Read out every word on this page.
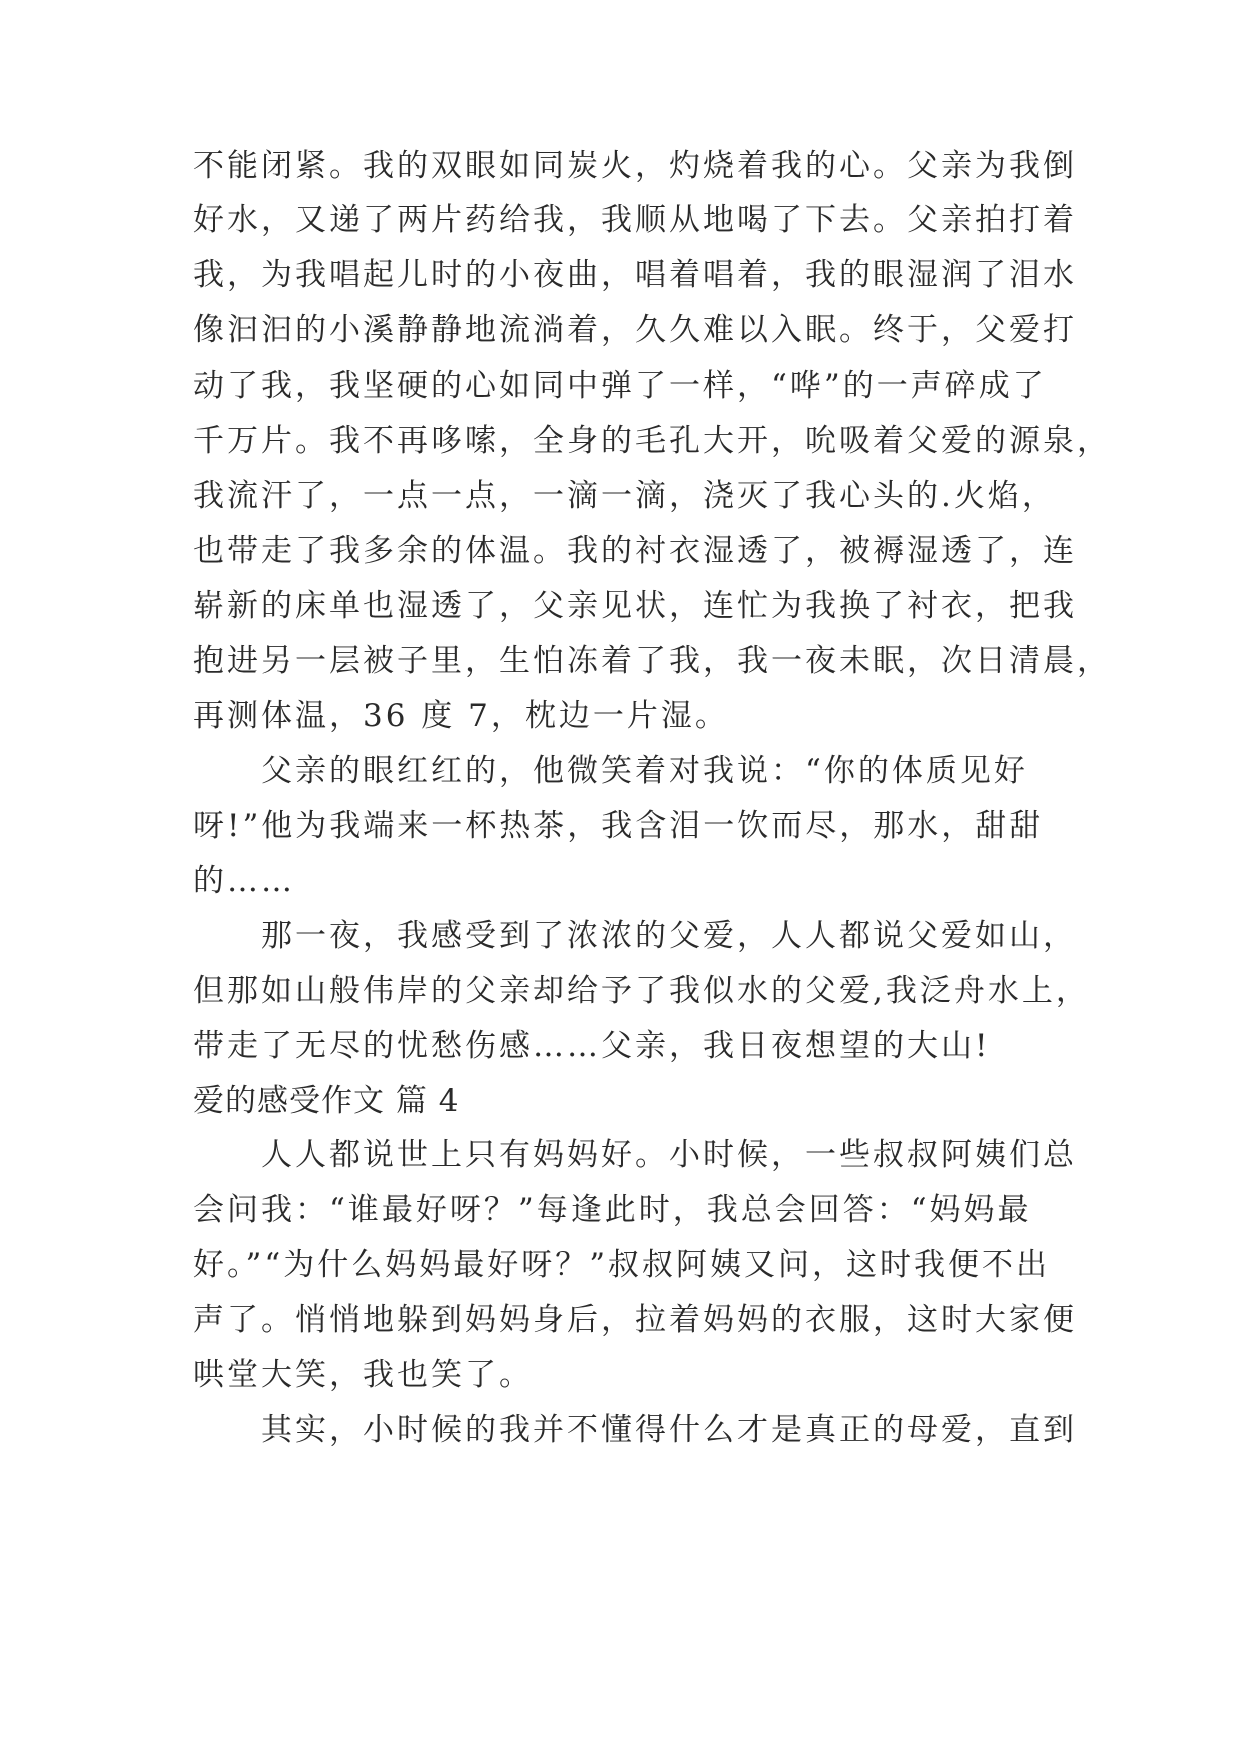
不能闭紧。我的双眼如同炭火，灼烧着我的心。父亲为我倒
好水，又递了两片药给我，我顺从地喝了下去。父亲拍打着
我，为我唱起儿时的小夜曲，唱着唱着，我的眼湿润了泪水
像汩汩的小溪静静地流淌着，久久难以入眠。终于，父爱打
动了我，我坚硬的心如同中弹了一样，“哗”的一声碎成了
千万片。我不再哆嗦，全身的毛孔大开，吮吸着父爱的源泉，
我流汗了，一点一点，一滴一滴，浇灭了我心头的.火焰，
也带走了我多余的体温。我的衬衣湿透了，被褥湿透了，连
崭新的床单也湿透了，父亲见状，连忙为我换了衬衣，把我
抱进另一层被子里，生怕冻着了我，我一夜未眠，次日清晨，
再测体温，36 度 7，枕边一片湿。
　　父亲的眼红红的，他微笑着对我说：“你的体质见好
呀!”他为我端来一杯热茶，我含泪一饮而尽，那水，甜甜
的……
　　那一夜，我感受到了浓浓的父爱，人人都说父爱如山，
但那如山般伟岸的父亲却给予了我似水的父爱,我泛舟水上，
带走了无尽的忧愁伤感……父亲，我日夜想望的大山!
爱的感受作文 篇 4
　　人人都说世上只有妈妈好。小时候，一些叔叔阿姨们总
会问我：“谁最好呀？”每逢此时，我总会回答：“妈妈最
好。”“为什么妈妈最好呀？”叔叔阿姨又问，这时我便不出
声了。悄悄地躲到妈妈身后，拉着妈妈的衣服，这时大家便
哄堂大笑，我也笑了。
　　其实，小时候的我并不懂得什么才是真正的母爱，直到
